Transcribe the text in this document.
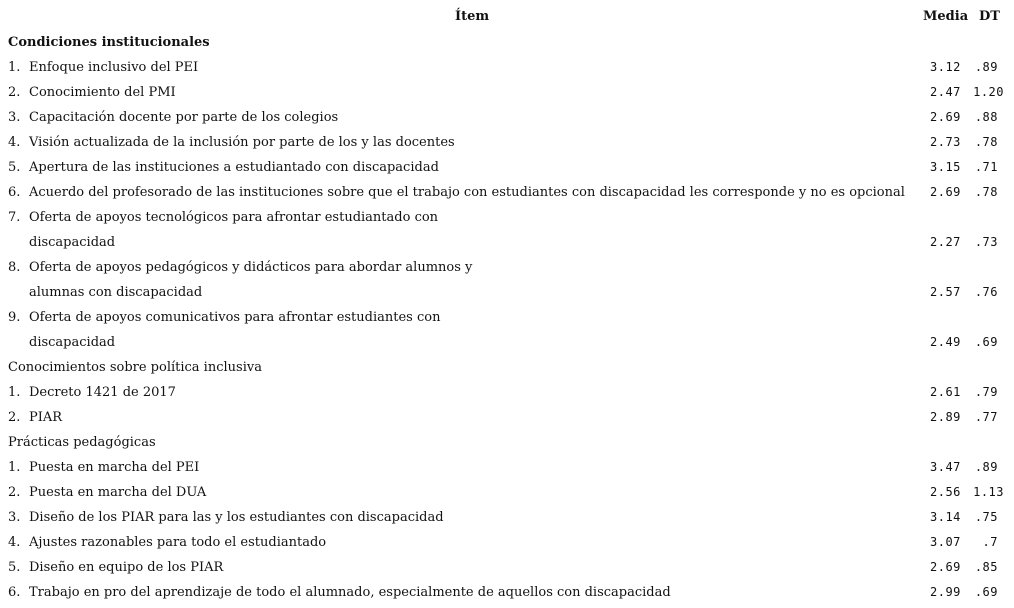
Ítem	Media DT
Condiciones institucionales
1. Enfoque inclusivo del PEI	3.12 .89
2. Conocimiento del PMI	2.47 1.20
3. Capacitación docente por parte de los colegios	2.69 .88
4. Visión actualizada de la inclusión por parte de los y las docentes	2.73 .78
5. Apertura de las instituciones a estudiantado con discapacidad	3.15 .71
6. Acuerdo del profesorado de las instituciones sobre que el trabajo con estudiantes con discapacidad les corresponde y no es opcional 2.69 .78
7. Oferta de apoyos tecnológicos para afrontar estudiantado con
discapacidad	2.27 .73
8. Oferta de apoyos pedagógicos y didácticos para abordar alumnos y
alumnas con discapacidad	2.57 .76
9. Oferta de apoyos comunicativos para afrontar estudiantes con
discapacidad	2.49 .69
Conocimientos sobre política inclusiva
1. Decreto 1421 de 2017	2.61 .79
2. PIAR	2.89 .77
Prácticas pedagógicas
1. Puesta en marcha del PEI	3.47 .89
2. Puesta en marcha del DUA	2.56 1.13
3. Diseño de los PIAR para las y los estudiantes con discapacidad	3.14 .75
4. Ajustes razonables para todo el estudiantado	3.07 .7
5. Diseño en equipo de los PIAR	2.69 .85
6. Trabajo en pro del aprendizaje de todo el alumnado, especialmente de aquellos con discapacidad	2.99 .69
